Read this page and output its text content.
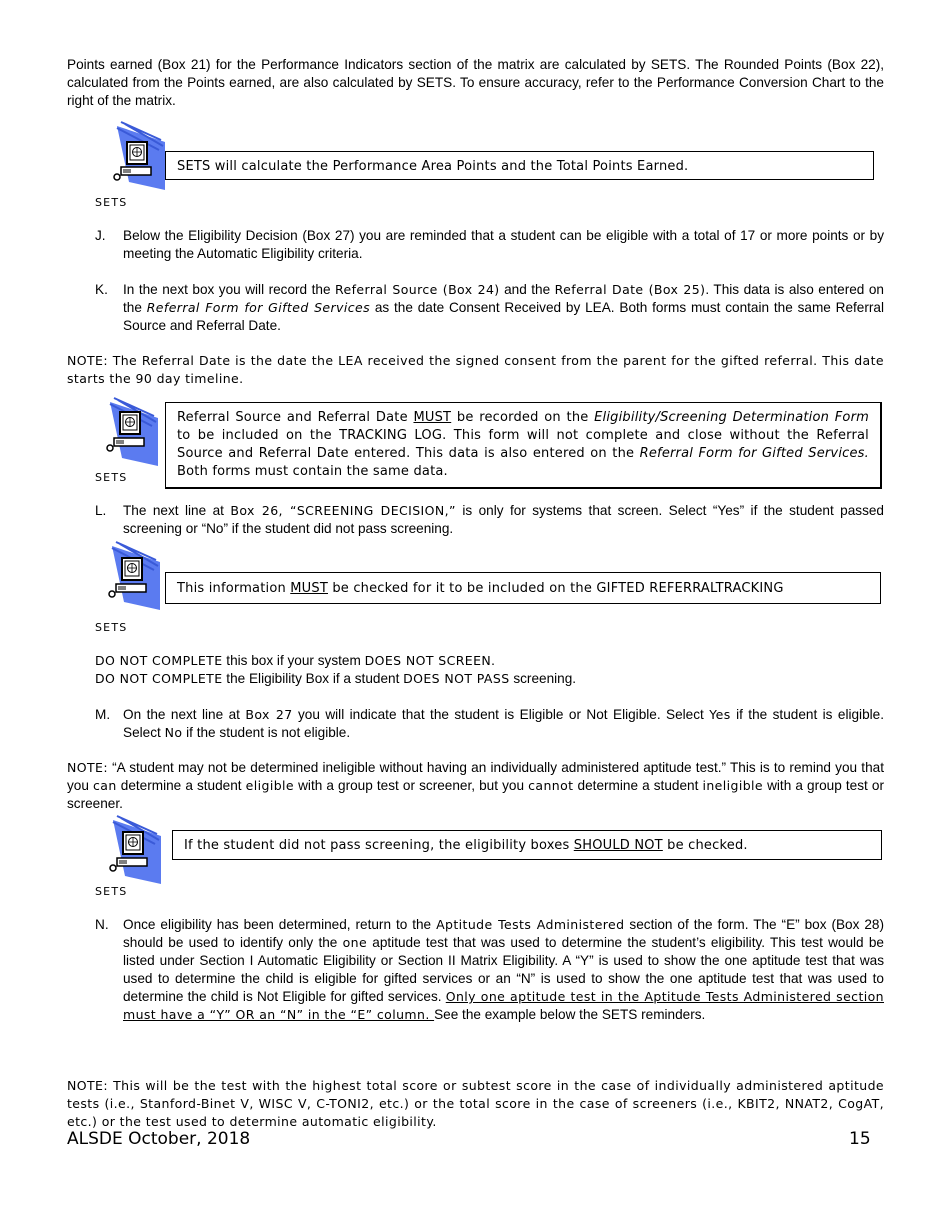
Points earned (Box 21) for the Performance Indicators section of the matrix are calculated by SETS. The Rounded Points (Box 22), calculated from the Points earned, are also calculated by SETS. To ensure accuracy, refer to the Performance Conversion Chart to the right of the matrix.
SETS will calculate the Performance Area Points and the Total Points Earned.
SETS
J.	Below the Eligibility Decision (Box 27) you are reminded that a student can be eligible with a total of 17 or more points or by meeting the Automatic Eligibility criteria.
K.	In the next box you will record the Referral Source (Box 24) and the Referral Date (Box 25). This data is also entered on the Referral Form for Gifted Services as the date Consent Received by LEA. Both forms must contain the same Referral Source and Referral Date.
NOTE: The Referral Date is the date the LEA received the signed consent from the parent for the gifted referral. This date starts the 90 day timeline.
Referral Source and Referral Date MUST be recorded on the Eligibility/Screening Determination Form to be included on the TRACKING LOG. This form will not complete and close without the Referral Source and Referral Date entered. This data is also entered on the Referral Form for Gifted Services. Both forms must contain the same data.
SETS
L.	The next line at Box 26, “SCREENING DECISION,” is only for systems that screen. Select “Yes” if the student passed screening or “No” if the student did not pass screening.
This information MUST be checked for it to be included on the GIFTED REFERRALTRACKING
SETS
DO NOT COMPLETE this box if your system DOES NOT SCREEN.
DO NOT COMPLETE the Eligibility Box if a student DOES NOT PASS screening.
M. On the next line at Box 27 you will indicate that the student is Eligible or Not Eligible. Select Yes if the student is eligible. Select No if the student is not eligible.
NOTE: “A student may not be determined ineligible without having an individually administered aptitude test.” This is to remind you that you can determine a student eligible with a group test or screener, but you cannot determine a student ineligible with a group test or screener.
If the student did not pass screening, the eligibility boxes SHOULD NOT be checked.
SETS
N.	Once eligibility has been determined, return to the Aptitude Tests Administered section of the form. The “E” box (Box 28) should be used to identify only the one aptitude test that was used to determine the student’s eligibility. This test would be listed under Section I Automatic Eligibility or Section II Matrix Eligibility. A “Y” is used to show the one aptitude test that was used to determine the child is eligible for gifted services or an “N” is used to show the one aptitude test that was used to determine the child is Not Eligible for gifted services. Only one aptitude test in the Aptitude Tests Administered section must have a “Y” OR an “N” in the “E” column. See the example below the SETS reminders.
NOTE: This will be the test with the highest total score or subtest score in the case of individually administered aptitude tests (i.e., Stanford-Binet V, WISC V, C-TONI2, etc.) or the total score in the case of screeners (i.e., KBIT2, NNAT2, CogAT, etc.) or the test used to determine automatic eligibility.
ALSDE October, 2018	15
